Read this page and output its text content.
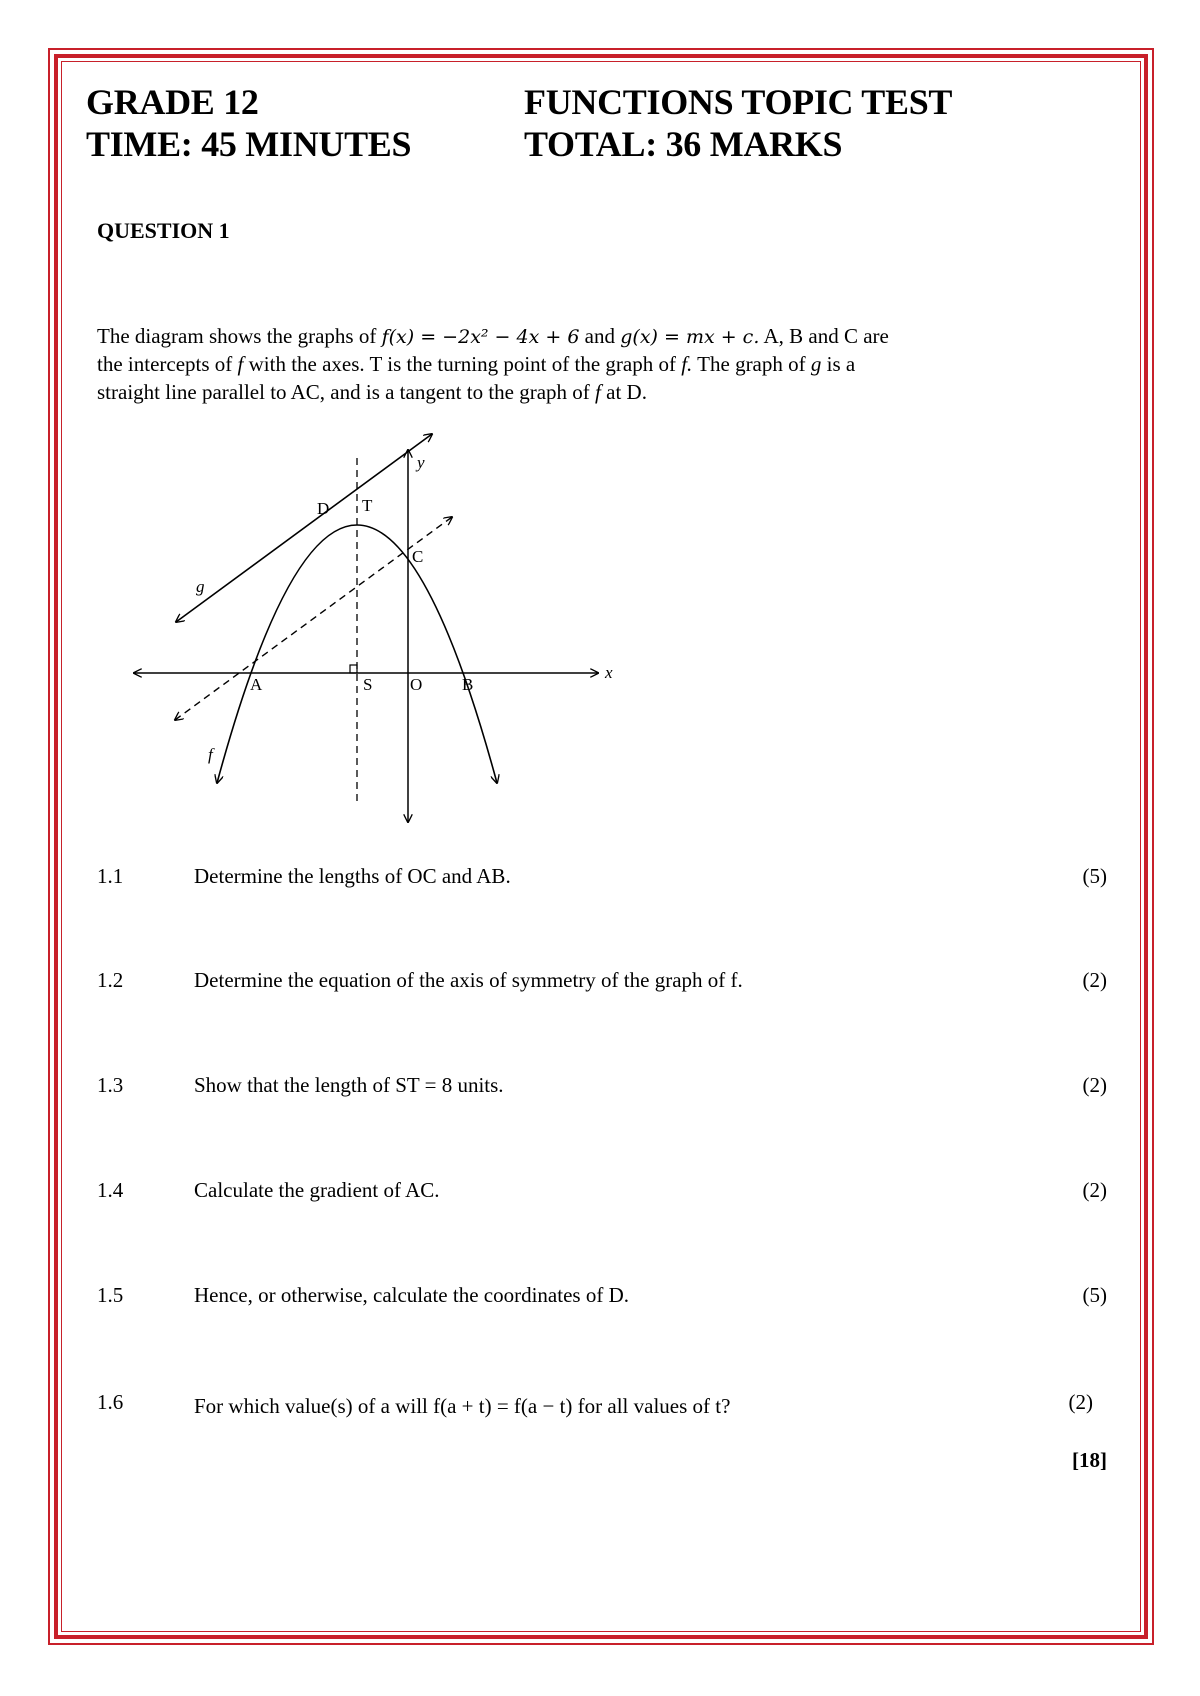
GRADE 12
TIME: 45 MINUTES
FUNCTIONS TOPIC TEST
TOTAL: 36 MARKS
QUESTION 1
The diagram shows the graphs of f(x) = −2x² − 4x + 6 and g(x) = mx + c. A, B and C are
the intercepts of f with the axes. T is the turning point of the graph of f. The graph of g is a
straight line parallel to AC, and is a tangent to the graph of f at D.
D T
y
C
g
A	S O B
x
f
1.1	Determine the lengths of OC and AB.	(5)
1.2	Determine the equation of the axis of symmetry of the graph of f.	(2)
1.3	Show that the length of ST = 8 units.	(2)
1.4	Calculate the gradient of AC.	(2)
1.5	Hence, or otherwise, calculate the coordinates of D.	(5)
1.6	For which value(s) of a will f(a + t) = f(a − t) for all values of t?	(2)
[18]
